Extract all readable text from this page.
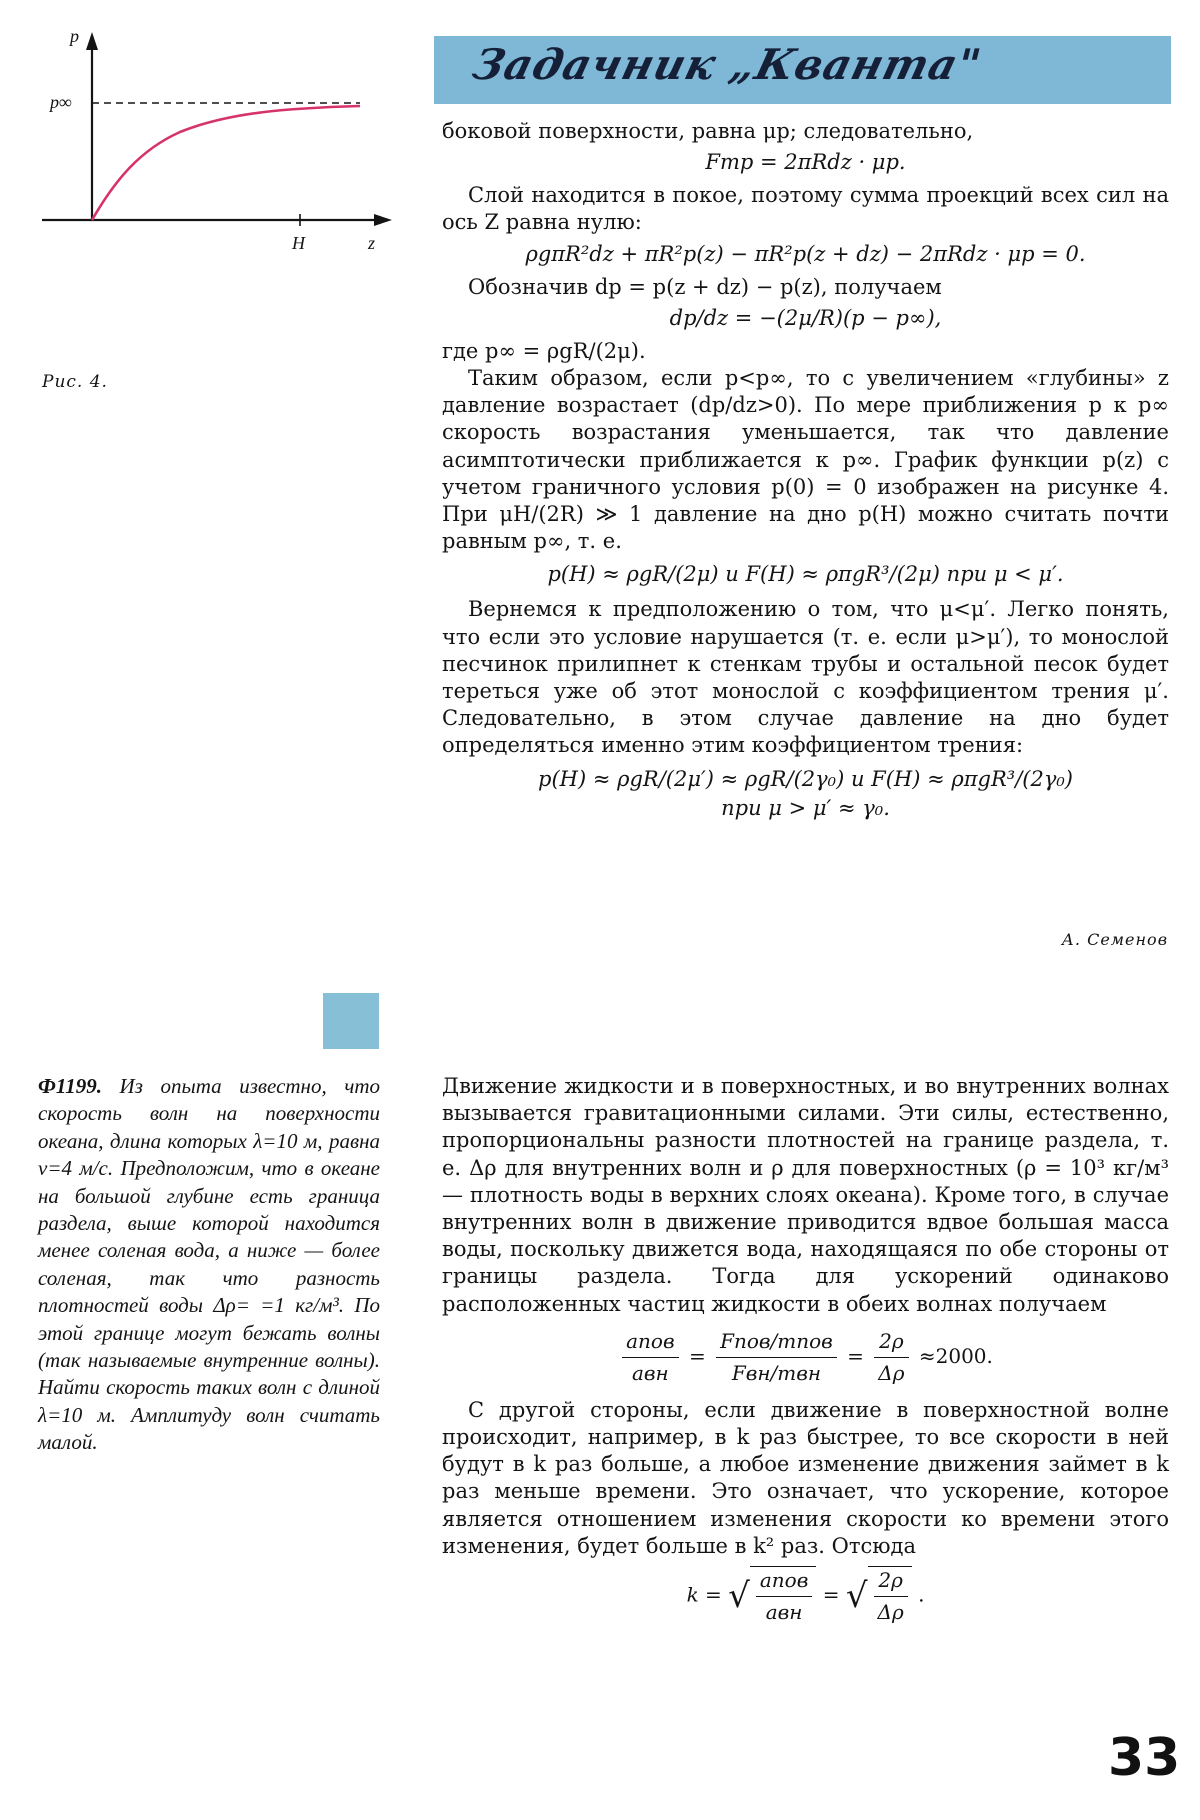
p
p∞
H	z
Рис. 4.
Задачник „Кванта"

боковой поверхности, равна μp; следовательно,

Fтр = 2πRdz · μp.

Слой находится в покое, поэтому сумма проекций всех сил на ось Z равна нулю:

ρgπR²dz + πR²p(z) − πR²p(z + dz) − 2πRdz · μp = 0.

Обозначив dp = p(z + dz) − p(z), получаем

dp/dz = −(2μ/R)(p − p∞),

где p∞ = ρgR/(2μ).

Таким образом, если p<p∞, то с увеличением «глубины» z давление возрастает (dp/dz>0). По мере приближения p к p∞ скорость возрастания уменьшается, так что давление асимптотически приближается к p∞. График функции p(z) с учетом граничного условия p(0) = 0 изображен на рисунке 4. При μH/(2R) ≫ 1 давление на дно p(H) можно считать почти равным p∞, т. е.

p(H) ≈ ρgR/(2μ) и F(H) ≈ ρπgR³/(2μ) при μ < μ′.

Вернемся к предположению о том, что μ<μ′. Легко понять, что если это условие нарушается (т. е. если μ>μ′), то монослой песчинок прилипнет к стенкам трубы и остальной песок будет тереться уже об этот монослой с коэффициентом трения μ′. Следовательно, в этом случае давление на дно будет определяться именно этим коэффициентом трения:

p(H) ≈ ρgR/(2μ′) ≈ ρgR/(2γ₀) и F(H) ≈ ρπgR³/(2γ₀)
при μ > μ′ ≈ γ₀.
А. Семенов
Ф1199. Из опыта известно, что скорость волн на поверхности океана, длина которых λ=10 м, равна v=4 м/с. Предположим, что в океане на большой глубине есть граница раздела, выше которой находится менее соленая вода, а ниже — более соленая, так что разность плотностей воды Δρ= =1 кг/м³. По этой границе могут бежать волны (так называемые внутренние волны). Найти скорость таких волн с длиной λ=10 м. Амплитуду волн считать малой.

Движение жидкости и в поверхностных, и во внутренних волнах вызывается гравитационными силами. Эти силы, естественно, пропорциональны разности плотностей на границе раздела, т. е. Δρ для внутренних волн и ρ для поверхностных (ρ = 10³ кг/м³ — плотность воды в верхних слоях океана). Кроме того, в случае внутренних волн в движение приводится вдвое большая масса воды, поскольку движется вода, находящаяся по обе стороны от границы раздела. Тогда для ускорений одинаково расположенных частиц жидкости в обеих волнах получаем

$\frac{\text{aпов}}{\text{aвн}} = \frac{\text{Fпов/mпов}}{\text{Fвн/mвн}} = \frac{2\rho}{\Delta\rho} \approx 2000$.

С другой стороны, если движение в поверхностной волне происходит, например, в k раз быстрее, то все скорости в ней будут в k раз больше, а любое изменение движения займет в k раз меньше времени. Это означает, что ускорение, которое является отношением изменения скорости ко времени этого изменения, будет больше в k² раз. Отсюда

k = √ $\frac{\text{aпов}}{\text{aвн}}$ = √ $\frac{2\rho}{\Delta\rho}$ .
33
